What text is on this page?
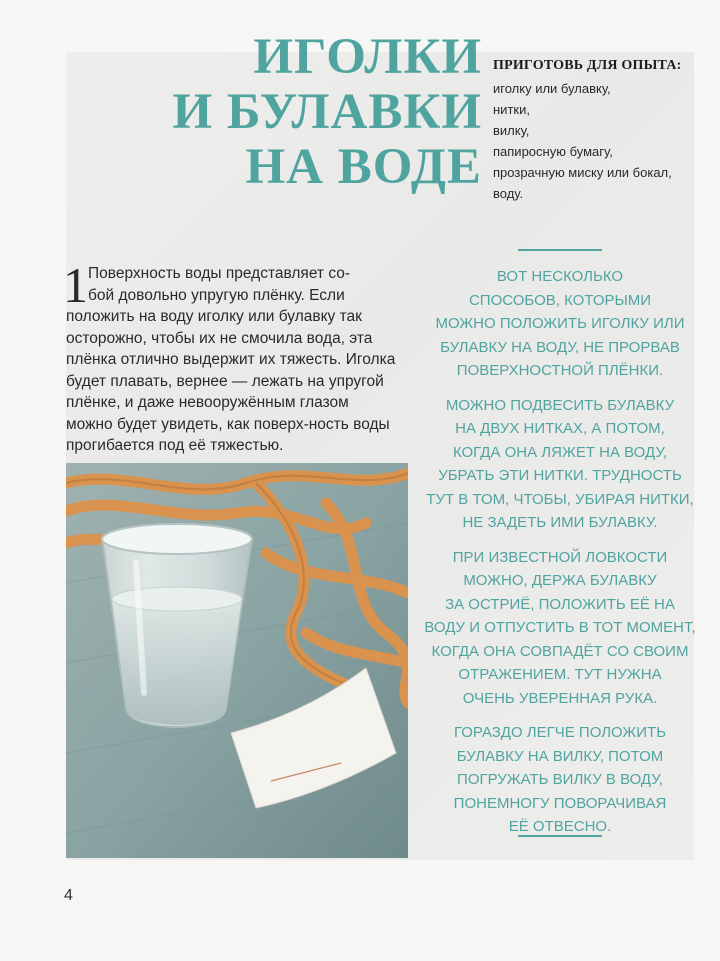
ИГОЛКИ
И БУЛАВКИ
НА ВОДЕ
ПРИГОТОВЬ ДЛЯ ОПЫТА:
иголку или булавку,
нитки,
вилку,
папиросную бумагу,
прозрачную миску или бокал,
воду.
1 Поверхность воды представляет со-
бой довольно упругую плёнку. Если
положить на воду иголку или булавку так осторожно, чтобы их не смочила вода, эта плёнка отлично выдержит их тяжесть. Иголка будет плавать, вернее — лежать на упругой плёнке, и даже невооружённым глазом можно будет увидеть, как поверх-ность воды прогибается под её тяжестью.

ВОТ НЕСКОЛЬКО
СПОСОБОВ, КОТОРЫМИ
МОЖНО ПОЛОЖИТЬ ИГОЛКУ ИЛИ
БУЛАВКУ НА ВОДУ, НЕ ПРОРВАВ
ПОВЕРХНОСТНОЙ ПЛЁНКИ.

МОЖНО ПОДВЕСИТЬ БУЛАВКУ
НА ДВУХ НИТКАХ, А ПОТОМ,
КОГДА ОНА ЛЯЖЕТ НА ВОДУ,
УБРАТЬ ЭТИ НИТКИ. ТРУДНОСТЬ
ТУТ В ТОМ, ЧТОБЫ, УБИРАЯ НИТКИ,
НЕ ЗАДЕТЬ ИМИ БУЛАВКУ.

ПРИ ИЗВЕСТНОЙ ЛОВКОСТИ
МОЖНО, ДЕРЖА БУЛАВКУ
ЗА ОСТРИЁ, ПОЛОЖИТЬ ЕЁ НА
ВОДУ И ОТПУСТИТЬ В ТОТ МОМЕНТ,
КОГДА ОНА СОВПАДЁТ СО СВОИМ
ОТРАЖЕНИЕМ. ТУТ НУЖНА
ОЧЕНЬ УВЕРЕННАЯ РУКА.

ГОРАЗДО ЛЕГЧЕ ПОЛОЖИТЬ
БУЛАВКУ НА ВИЛКУ, ПОТОМ
ПОГРУЖАТЬ ВИЛКУ В ВОДУ,
ПОНЕМНОГУ ПОВОРАЧИВАЯ
ЕЁ ОТВЕСНО.

4
